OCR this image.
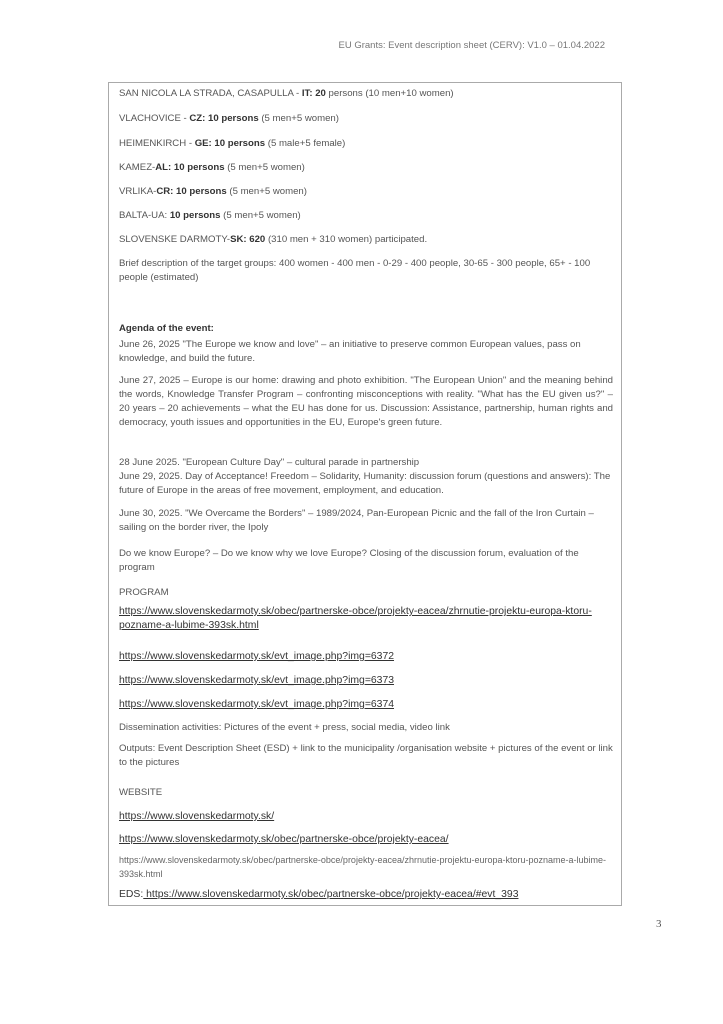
EU Grants: Event description sheet (CERV): V1.0 – 01.04.2022
SAN NICOLA LA STRADA, CASAPULLA - IT: 20 persons (10 men+10 women)
VLACHOVICE - CZ: 10 persons (5 men+5 women)
HEIMENKIRCH - GE: 10 persons (5 male+5 female)
KAMEZ-AL: 10 persons (5 men+5 women)
VRLIKA-CR: 10 persons (5 men+5 women)
BALTA-UA: 10 persons (5 men+5 women)
SLOVENSKE DARMOTY-SK: 620 (310 men + 310 women) participated.
Brief description of the target groups: 400 women - 400 men - 0-29 - 400 people, 30-65 - 300 people, 65+ - 100 people (estimated)
Agenda of the event:
June 26, 2025 "The Europe we know and love" – an initiative to preserve common European values, pass on knowledge, and build the future.
June 27, 2025 – Europe is our home: drawing and photo exhibition. "The European Union" and the meaning behind the words, Knowledge Transfer Program – confronting misconceptions with reality. "What has the EU given us?" – 20 years – 20 achievements – what the EU has done for us. Discussion: Assistance, partnership, human rights and democracy, youth issues and opportunities in the EU, Europe's green future.
28 June 2025. "European Culture Day" – cultural parade in partnership
June 29, 2025. Day of Acceptance! Freedom – Solidarity, Humanity: discussion forum (questions and answers): The future of Europe in the areas of free movement, employment, and education.
June 30, 2025. "We Overcame the Borders" – 1989/2024, Pan-European Picnic and the fall of the Iron Curtain – sailing on the border river, the Ipoly
Do we know Europe? – Do we know why we love Europe? Closing of the discussion forum, evaluation of the program
PROGRAM
https://www.slovenskedarmoty.sk/obec/partnerske-obce/projekty-eacea/zhrnutie-projektu-europa-ktoru-pozname-a-lubime-393sk.html
https://www.slovenskedarmoty.sk/evt_image.php?img=6372
https://www.slovenskedarmoty.sk/evt_image.php?img=6373
https://www.slovenskedarmoty.sk/evt_image.php?img=6374
Dissemination activities: Pictures of the event + press, social media, video link
Outputs: Event Description Sheet (ESD) + link to the municipality /organisation website + pictures of the event or link to the pictures
WEBSITE
https://www.slovenskedarmoty.sk/
https://www.slovenskedarmoty.sk/obec/partnerske-obce/projekty-eacea/
https://www.slovenskedarmoty.sk/obec/partnerske-obce/projekty-eacea/zhrnutie-projektu-europa-ktoru-pozname-a-lubime-393sk.html
EDS: https://www.slovenskedarmoty.sk/obec/partnerske-obce/projekty-eacea/#evt_393
3
